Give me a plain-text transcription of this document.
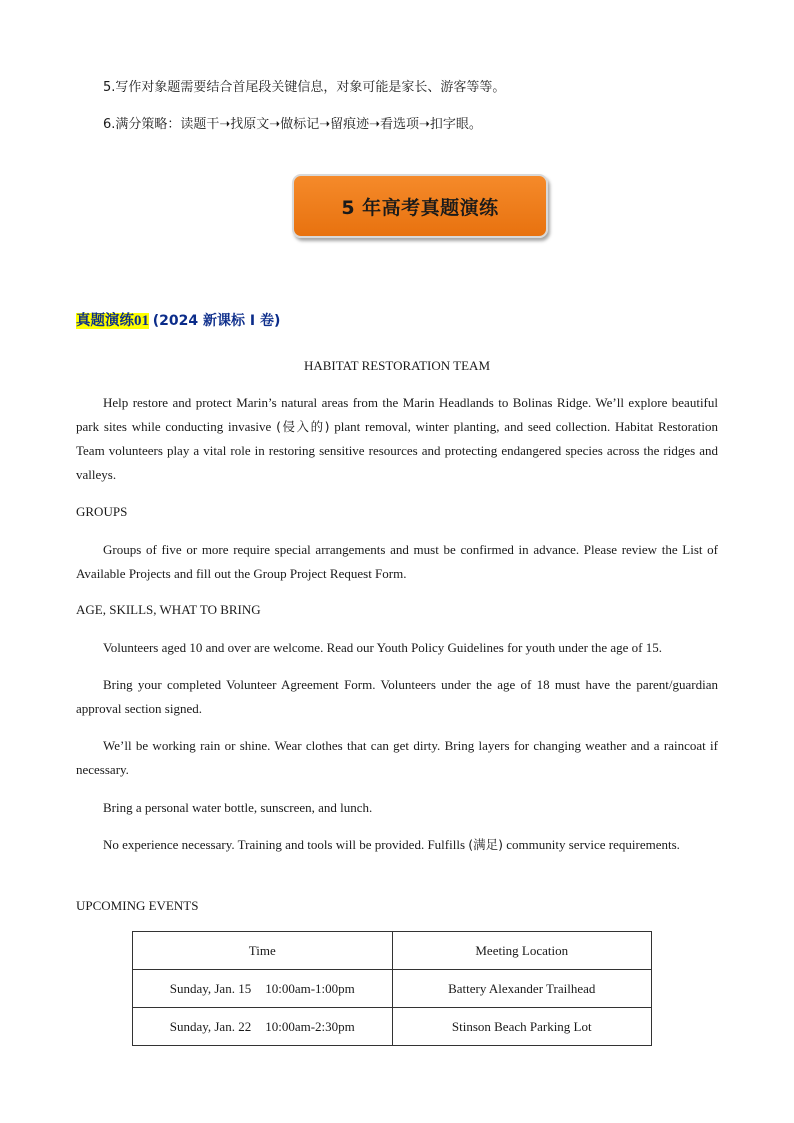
5.写作对象题需要结合首尾段关键信息，对象可能是家长、游客等等。
6.满分策略：读题干➝找原文➝做标记➝留痕迹➝看选项➝扣字眼。
5 年高考真题演练
真题演练01 (2024 新课标 I 卷)
HABITAT RESTORATION TEAM
Help restore and protect Marin’s natural areas from the Marin Headlands to Bolinas Ridge. We’ll explore beautiful park sites while conducting invasive (侵入的) plant removal, winter planting, and seed collection. Habitat Restoration Team volunteers play a vital role in restoring sensitive resources and protecting endangered species across the ridges and valleys.
GROUPS
Groups of five or more require special arrangements and must be confirmed in advance. Please review the List of Available Projects and fill out the Group Project Request Form.
AGE, SKILLS, WHAT TO BRING
Volunteers aged 10 and over are welcome. Read our Youth Policy Guidelines for youth under the age of 15.
Bring your completed Volunteer Agreement Form. Volunteers under the age of 18 must have the parent/guardian approval section signed.
We’ll be working rain or shine. Wear clothes that can get dirty. Bring layers for changing weather and a raincoat if necessary.
Bring a personal water bottle, sunscreen, and lunch.
No experience necessary. Training and tools will be provided. Fulfills (满足) community service requirements.
UPCOMING EVENTS
Time	Meeting Location
Sunday, Jan. 15 10:00am-1:00pm	Battery Alexander Trailhead
Sunday, Jan. 22 10:00am-2:30pm	Stinson Beach Parking Lot
